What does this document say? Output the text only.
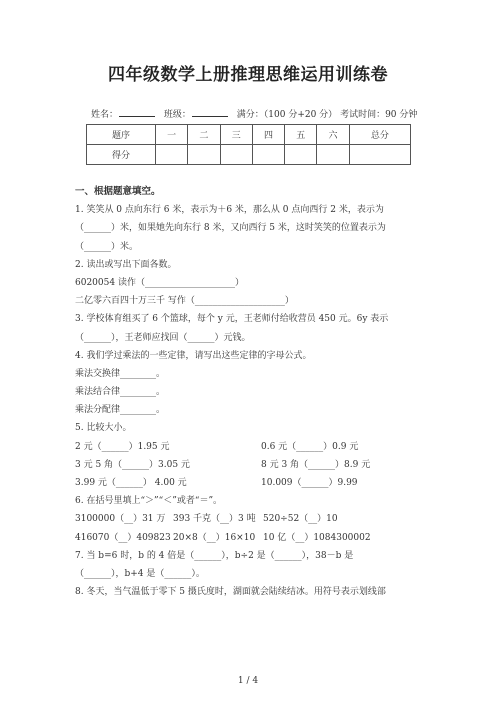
四年级数学上册推理思维运用训练卷
姓名：	班级：	满分：（100 分+20 分） 考试时间：90 分钟
题序	一	二	三	四	五	六	总分
得分							
一、根据题意填空。
1. 笑笑从 0 点向东行 6 米，表示为＋6 米，那么从 0 点向西行 2 米，表示为
（______）米，如果她先向东行 8 米，又向西行 5 米，这时笑笑的位置表示为
（______）米。
2. 读出或写出下面各数。
6020054 读作（____________________）
二亿零六百四十万三千 写作（____________________）
3. 学校体育组买了 6 个篮球，每个 y 元，王老师付给收营员 450 元。6y 表示
（______），王老师应找回（______）元钱。
4. 我们学过乘法的一些定律，请写出这些定律的字母公式。
乘法交换律________。
乘法结合律________。
乘法分配律________。
5. 比较大小。
2 元（______）1.95 元	0.6 元（______）0.9 元
3 元 5 角（______）3.05 元	8 元 3 角（______）8.9 元
3.99 元（______） 4.00 元	10.009（______）9.99
6. 在括号里填上“＞”“＜”或者“＝”。
3100000（__）31 万 393 千克（__）3 吨 520÷52（__）10
416070（__）409823 20×8（__）16×10 10 亿（__）1084300002
7. 当 b=6 时，b 的 4 倍是（______），b÷2 是（______），38－b 是
（______），b+4 是（______）。
8. 冬天，当气温低于零下 5 摄氏度时，湖面就会陆续结冰。用符号表示划线部
1 / 4
